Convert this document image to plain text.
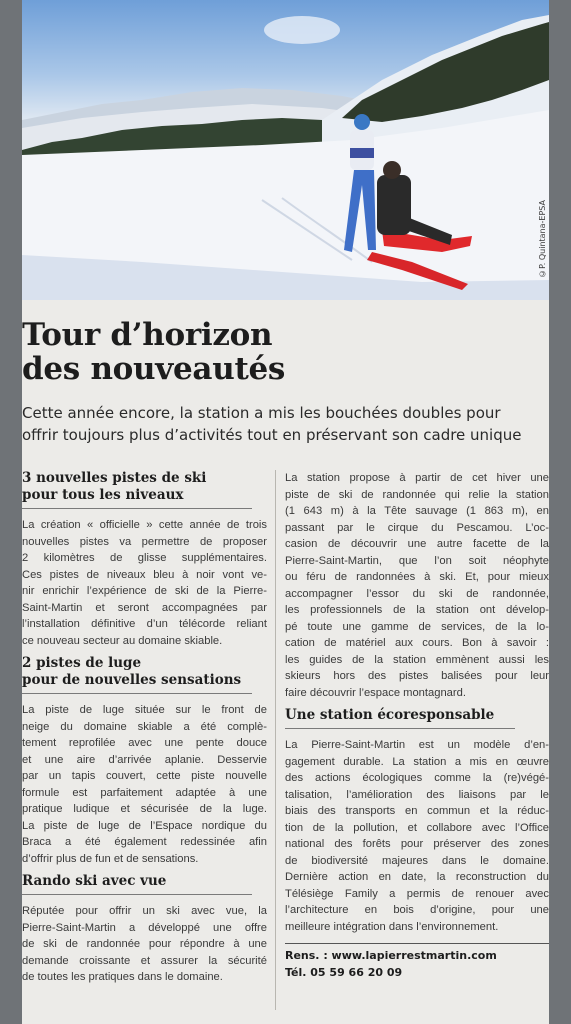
©P. Quintana-EPSA
Tour d’horizon
des nouveautés
Cette année encore, la station a mis les bouchées doubles pour
offrir toujours plus d’activités tout en préservant son cadre unique
3 nouvelles pistes de ski
pour tous les niveaux

La création « officielle » cette année de trois
nouvelles pistes va permettre de proposer
2 kilomètres de glisse supplémentaires.
Ces pistes de niveaux bleu à noir vont ve-
nir enrichir l’expérience de ski de la Pierre-
Saint-Martin et seront accompagnées par
l’installation définitive d’un télécorde reliant
ce nouveau secteur au domaine skiable.

2 pistes de luge
pour de nouvelles sensations

La piste de luge située sur le front de
neige du domaine skiable a été complè-
tement reprofilée avec une pente douce
et une aire d’arrivée aplanie. Desservie
par un tapis couvert, cette piste nouvelle
formule est parfaitement adaptée à une
pratique ludique et sécurisée de la luge.
La piste de luge de l’Espace nordique du
Braca a été également redessinée afin
d’offrir plus de fun et de sensations.

Rando ski avec vue

Réputée pour offrir un ski avec vue, la
Pierre-Saint-Martin a développé une offre
de ski de randonnée pour répondre à une
demande croissante et assurer la sécurité
de toutes les pratiques dans le domaine.

La station propose à partir de cet hiver une
piste de ski de randonnée qui relie la station
(1 643 m) à la Tête sauvage (1 863 m), en
passant par le cirque du Pescamou. L’oc-
casion de découvrir une autre facette de la
Pierre-Saint-Martin, que l’on soit néophyte
ou féru de randonnées à ski. Et, pour mieux
accompagner l’essor du ski de randonnée,
les professionnels de la station ont dévelop-
pé toute une gamme de services, de la lo-
cation de matériel aux cours. Bon à savoir :
les guides de la station emmènent aussi les
skieurs hors des pistes balisées pour leur
faire découvrir l’espace montagnard.

Une station écoresponsable

La Pierre-Saint-Martin est un modèle d’en-
gagement durable. La station a mis en œuvre
des actions écologiques comme la (re)végé-
talisation, l’amélioration des liaisons par le
biais des transports en commun et la réduc-
tion de la pollution, et collabore avec l’Office
national des forêts pour préserver des zones
de biodiversité majeures dans le domaine.
Dernière action en date, la reconstruction du
Télésiège Family a permis de renouer avec
l’architecture en bois d’origine, pour une
meilleure intégration dans l’environnement.

Rens. : www.lapierrestmartin.com
Tél. 05 59 66 20 09
